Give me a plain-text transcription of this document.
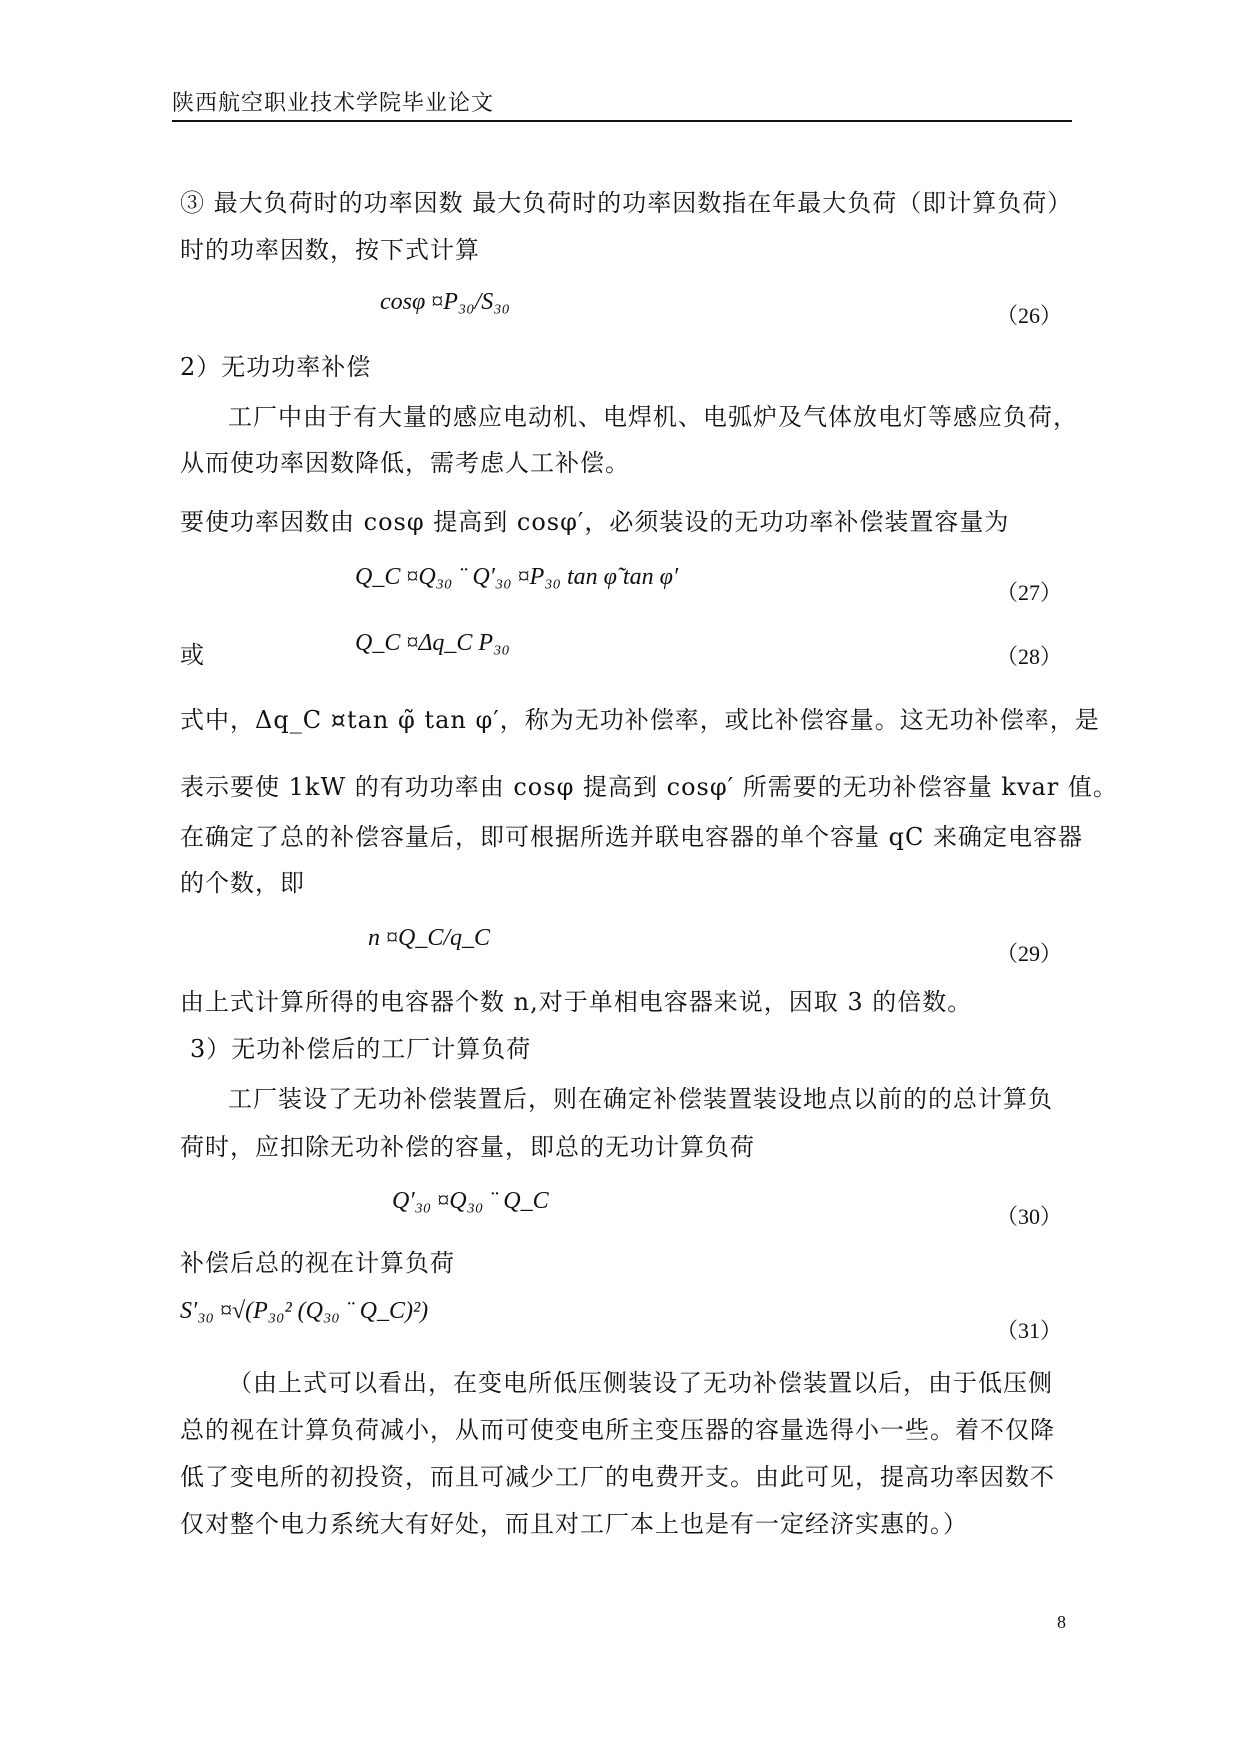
陕西航空职业技术学院毕业论文
③ 最大负荷时的功率因数 最大负荷时的功率因数指在年最大负荷（即计算负荷）
时的功率因数，按下式计算
cosφ ¤P₃₀/S₃₀
（26）
2）无功功率补偿
工厂中由于有大量的感应电动机、电焊机、电弧炉及气体放电灯等感应负荷，
从而使功率因数降低，需考虑人工补偿。
要使功率因数由 cosφ 提高到 cosφ′，必须装设的无功功率补偿装置容量为
Q_C ¤Q₃₀ ¨ Q′₃₀ ¤P₃₀ tan φ̃ tan φ′
（27）
或	Q_C ¤Δq_C P₃₀
（28）
式中，Δq_C ¤tan φ̃ tan φ′，称为无功补偿率，或比补偿容量。这无功补偿率，是
表示要使 1kW 的有功功率由 cosφ 提高到 cosφ′ 所需要的无功补偿容量 kvar 值。
在确定了总的补偿容量后，即可根据所选并联电容器的单个容量 qC 来确定电容器
的个数，即
n ¤Q_C/q_C
（29）
由上式计算所得的电容器个数 n,对于单相电容器来说，因取 3 的倍数。
3）无功补偿后的工厂计算负荷
工厂装设了无功补偿装置后，则在确定补偿装置装设地点以前的的总计算负
荷时，应扣除无功补偿的容量，即总的无功计算负荷
Q′₃₀ ¤Q₃₀ ¨ Q_C
（30）
补偿后总的视在计算负荷
S′₃₀ ¤√(P₃₀² (Q₃₀ ¨ Q_C)²)
（31）
（由上式可以看出，在变电所低压侧装设了无功补偿装置以后，由于低压侧
总的视在计算负荷减小，从而可使变电所主变压器的容量选得小一些。着不仅降
低了变电所的初投资，而且可减少工厂的电费开支。由此可见，提高功率因数不
仅对整个电力系统大有好处，而且对工厂本上也是有一定经济实惠的。）
8
